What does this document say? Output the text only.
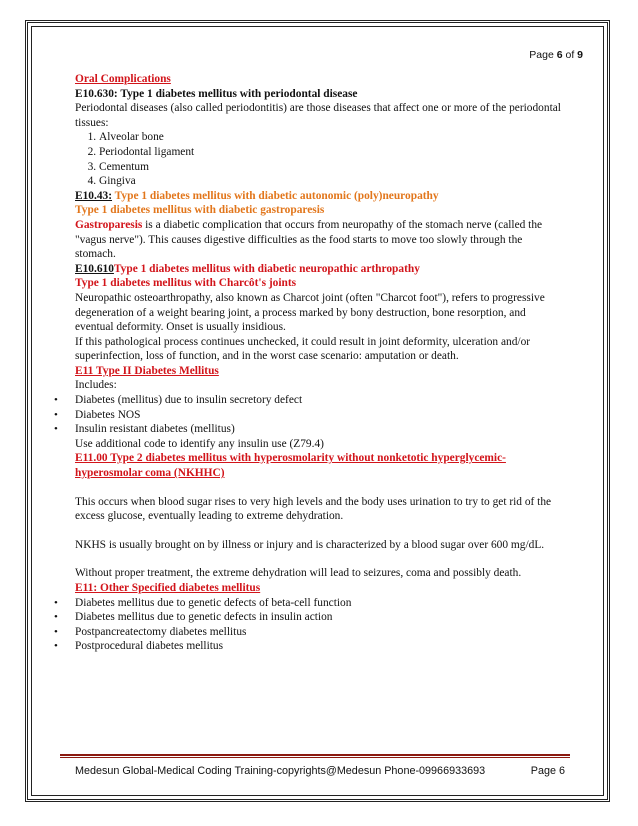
Page 6 of 9

Oral Complications

E10.630: Type 1 diabetes mellitus with periodontal disease

Periodontal diseases (also called periodontitis) are those diseases that affect one or more of the periodontal tissues:

1. Alveolar bone
2. Periodontal ligament
3. Cementum
4. Gingiva

E10.43: Type 1 diabetes mellitus with diabetic autonomic (poly)neuropathy

Type 1 diabetes mellitus with diabetic gastroparesis

Gastroparesis is a diabetic complication that occurs from neuropathy of the stomach nerve (called the "vagus nerve"). This causes digestive difficulties as the food starts to move too slowly through the stomach.

E10.610Type 1 diabetes mellitus with diabetic neuropathic arthropathy

Type 1 diabetes mellitus with Charcôt's joints

Neuropathic osteoarthropathy, also known as Charcot joint (often "Charcot foot"), refers to progressive degeneration of a weight bearing joint, a process marked by bony destruction, bone resorption, and eventual deformity. Onset is usually insidious.

If this pathological process continues unchecked, it could result in joint deformity, ulceration and/or superinfection, loss of function, and in the worst case scenario: amputation or death.

E11 Type II Diabetes Mellitus

Includes:

• Diabetes (mellitus) due to insulin secretory defect
• Diabetes NOS
• Insulin resistant diabetes (mellitus)

Use additional code to identify any insulin use (Z79.4)

E11.00 Type 2 diabetes mellitus with hyperosmolarity without nonketotic hyperglycemic-hyperosmolar coma (NKHHC)

This occurs when blood sugar rises to very high levels and the body uses urination to try to get rid of the excess glucose, eventually leading to extreme dehydration.

NKHS is usually brought on by illness or injury and is characterized by a blood sugar over 600 mg/dL.

Without proper treatment, the extreme dehydration will lead to seizures, coma and possibly death.

E11: Other Specified diabetes mellitus

• Diabetes mellitus due to genetic defects of beta-cell function
• Diabetes mellitus due to genetic defects in insulin action
• Postpancreatectomy diabetes mellitus
• Postprocedural diabetes mellitus
Medesun Global-Medical Coding Training-copyrights@Medesun Phone-09966933693	Page 6
